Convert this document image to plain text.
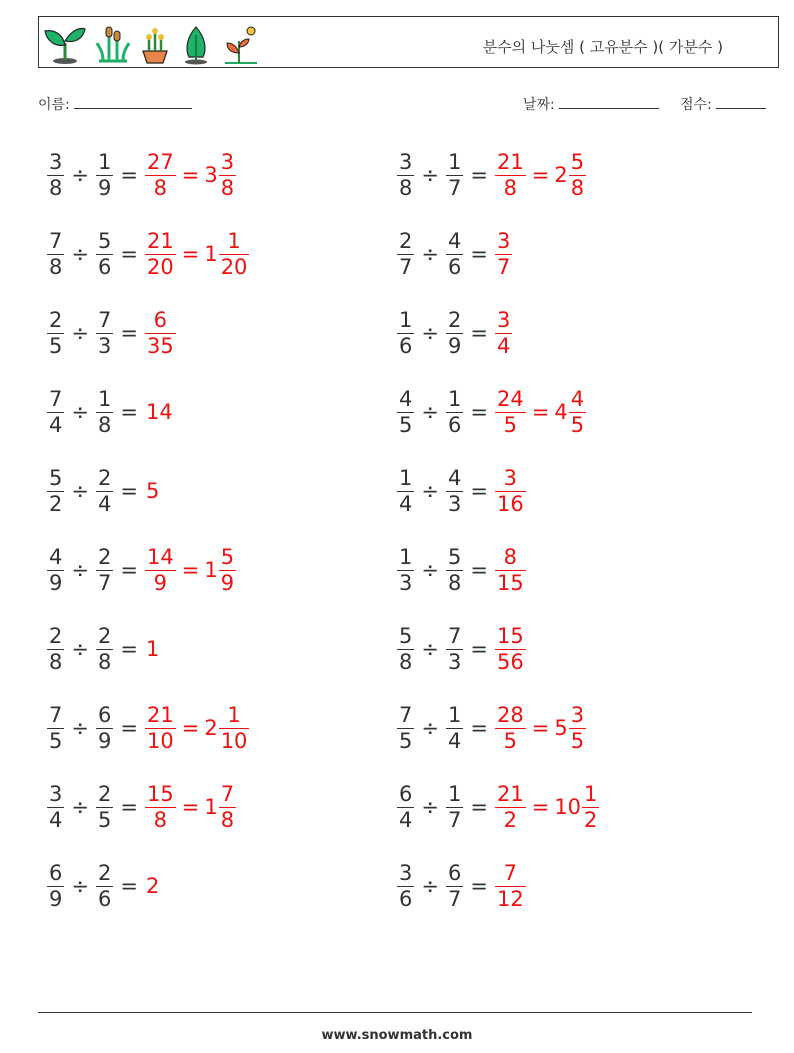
분수의 나눗셈 ( 고유분수 )( 가분수 )
이름:	날짜:	점수:
$\frac{3}{8} \div \frac{1}{9} = \frac{27}{8} = 3 \frac{3}{8}$	$\frac{3}{8} \div \frac{1}{7} = \frac{21}{8} = 2 \frac{5}{8}$
$\frac{7}{8} \div \frac{5}{6} = \frac{21}{20} = 1 \frac{1}{20}$	$\frac{2}{7} \div \frac{4}{6} = \frac{3}{7}$
$\frac{2}{5} \div \frac{7}{3} = \frac{6}{35}$	$\frac{1}{6} \div \frac{2}{9} = \frac{3}{4}$
$\frac{7}{4} \div \frac{1}{8} = 14$	$\frac{4}{5} \div \frac{1}{6} = \frac{24}{5} = 4 \frac{4}{5}$
$\frac{5}{2} \div \frac{2}{4} = 5$	$\frac{1}{4} \div \frac{4}{3} = \frac{3}{16}$
$\frac{4}{9} \div \frac{2}{7} = \frac{14}{9} = 1 \frac{5}{9}$	$\frac{1}{3} \div \frac{5}{8} = \frac{8}{15}$
$\frac{2}{8} \div \frac{2}{8} = 1$	$\frac{5}{8} \div \frac{7}{3} = \frac{15}{56}$
$\frac{7}{5} \div \frac{6}{9} = \frac{21}{10} = 2 \frac{1}{10}$	$\frac{7}{5} \div \frac{1}{4} = \frac{28}{5} = 5 \frac{3}{5}$
$\frac{3}{4} \div \frac{2}{5} = \frac{15}{8} = 1 \frac{7}{8}$	$\frac{6}{4} \div \frac{1}{7} = \frac{21}{2} = 10 \frac{1}{2}$
$\frac{6}{9} \div \frac{2}{6} = 2$	$\frac{3}{6} \div \frac{6}{7} = \frac{7}{12}$
www.snowmath.com
